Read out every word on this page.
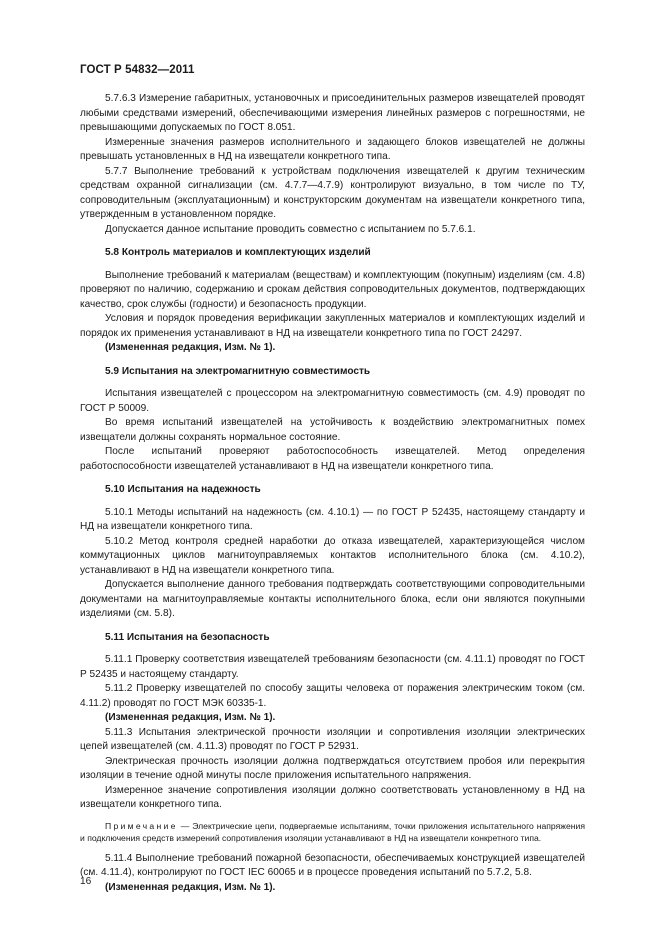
ГОСТ Р 54832—2011

5.7.6.3 Измерение габаритных, установочных и присоединительных размеров извещателей проводят любыми средствами измерений, обеспечивающими измерения линейных размеров с погрешностями, не превышающими допускаемых по ГОСТ 8.051.

Измеренные значения размеров исполнительного и задающего блоков извещателей не должны превышать установленных в НД на извещатели конкретного типа.

5.7.7 Выполнение требований к устройствам подключения извещателей к другим техническим средствам охранной сигнализации (см. 4.7.7—4.7.9) контролируют визуально, в том числе по ТУ, сопроводительным (эксплуатационным) и конструкторским документам на извещатели конкретного типа, утвержденным в установленном порядке.

Допускается данное испытание проводить совместно с испытанием по 5.7.6.1.

5.8 Контроль материалов и комплектующих изделий

Выполнение требований к материалам (веществам) и комплектующим (покупным) изделиям (см. 4.8) проверяют по наличию, содержанию и срокам действия сопроводительных документов, подтверждающих качество, срок службы (годности) и безопасность продукции.

Условия и порядок проведения верификации закупленных материалов и комплектующих изделий и порядок их применения устанавливают в НД на извещатели конкретного типа по ГОСТ 24297.

(Измененная редакция, Изм. № 1).

5.9 Испытания на электромагнитную совместимость

Испытания извещателей с процессором на электромагнитную совместимость (см. 4.9) проводят по ГОСТ Р 50009.

Во время испытаний извещателей на устойчивость к воздействию электромагнитных помех извещатели должны сохранять нормальное состояние.

После испытаний проверяют работоспособность извещателей. Метод определения работоспособности извещателей устанавливают в НД на извещатели конкретного типа.

5.10 Испытания на надежность

5.10.1 Методы испытаний на надежность (см. 4.10.1) — по ГОСТ Р 52435, настоящему стандарту и НД на извещатели конкретного типа.

5.10.2 Метод контроля средней наработки до отказа извещателей, характеризующейся числом коммутационных циклов магнитоуправляемых контактов исполнительного блока (см. 4.10.2), устанавливают в НД на извещатели конкретного типа.

Допускается выполнение данного требования подтверждать соответствующими сопроводительными документами на магнитоуправляемые контакты исполнительного блока, если они являются покупными изделиями (см. 5.8).

5.11 Испытания на безопасность

5.11.1 Проверку соответствия извещателей требованиям безопасности (см. 4.11.1) проводят по ГОСТ Р 52435 и настоящему стандарту.

5.11.2 Проверку извещателей по способу защиты человека от поражения электрическим током (см. 4.11.2) проводят по ГОСТ МЭК 60335-1.

(Измененная редакция, Изм. № 1).

5.11.3 Испытания электрической прочности изоляции и сопротивления изоляции электрических цепей извещателей (см. 4.11.3) проводят по ГОСТ Р 52931.

Электрическая прочность изоляции должна подтверждаться отсутствием пробоя или перекрытия изоляции в течение одной минуты после приложения испытательного напряжения.

Измеренное значение сопротивления изоляции должно соответствовать установленному в НД на извещатели конкретного типа.

Примечание — Электрические цепи, подвергаемые испытаниям, точки приложения испытательного напряжения и подключения средств измерений сопротивления изоляции устанавливают в НД на извещатели конкретного типа.

5.11.4 Выполнение требований пожарной безопасности, обеспечиваемых конструкцией извещателей (см. 4.11.4), контролируют по ГОСТ IEC 60065 и в процессе проведения испытаний по 5.7.2, 5.8.

(Измененная редакция, Изм. № 1).

16
